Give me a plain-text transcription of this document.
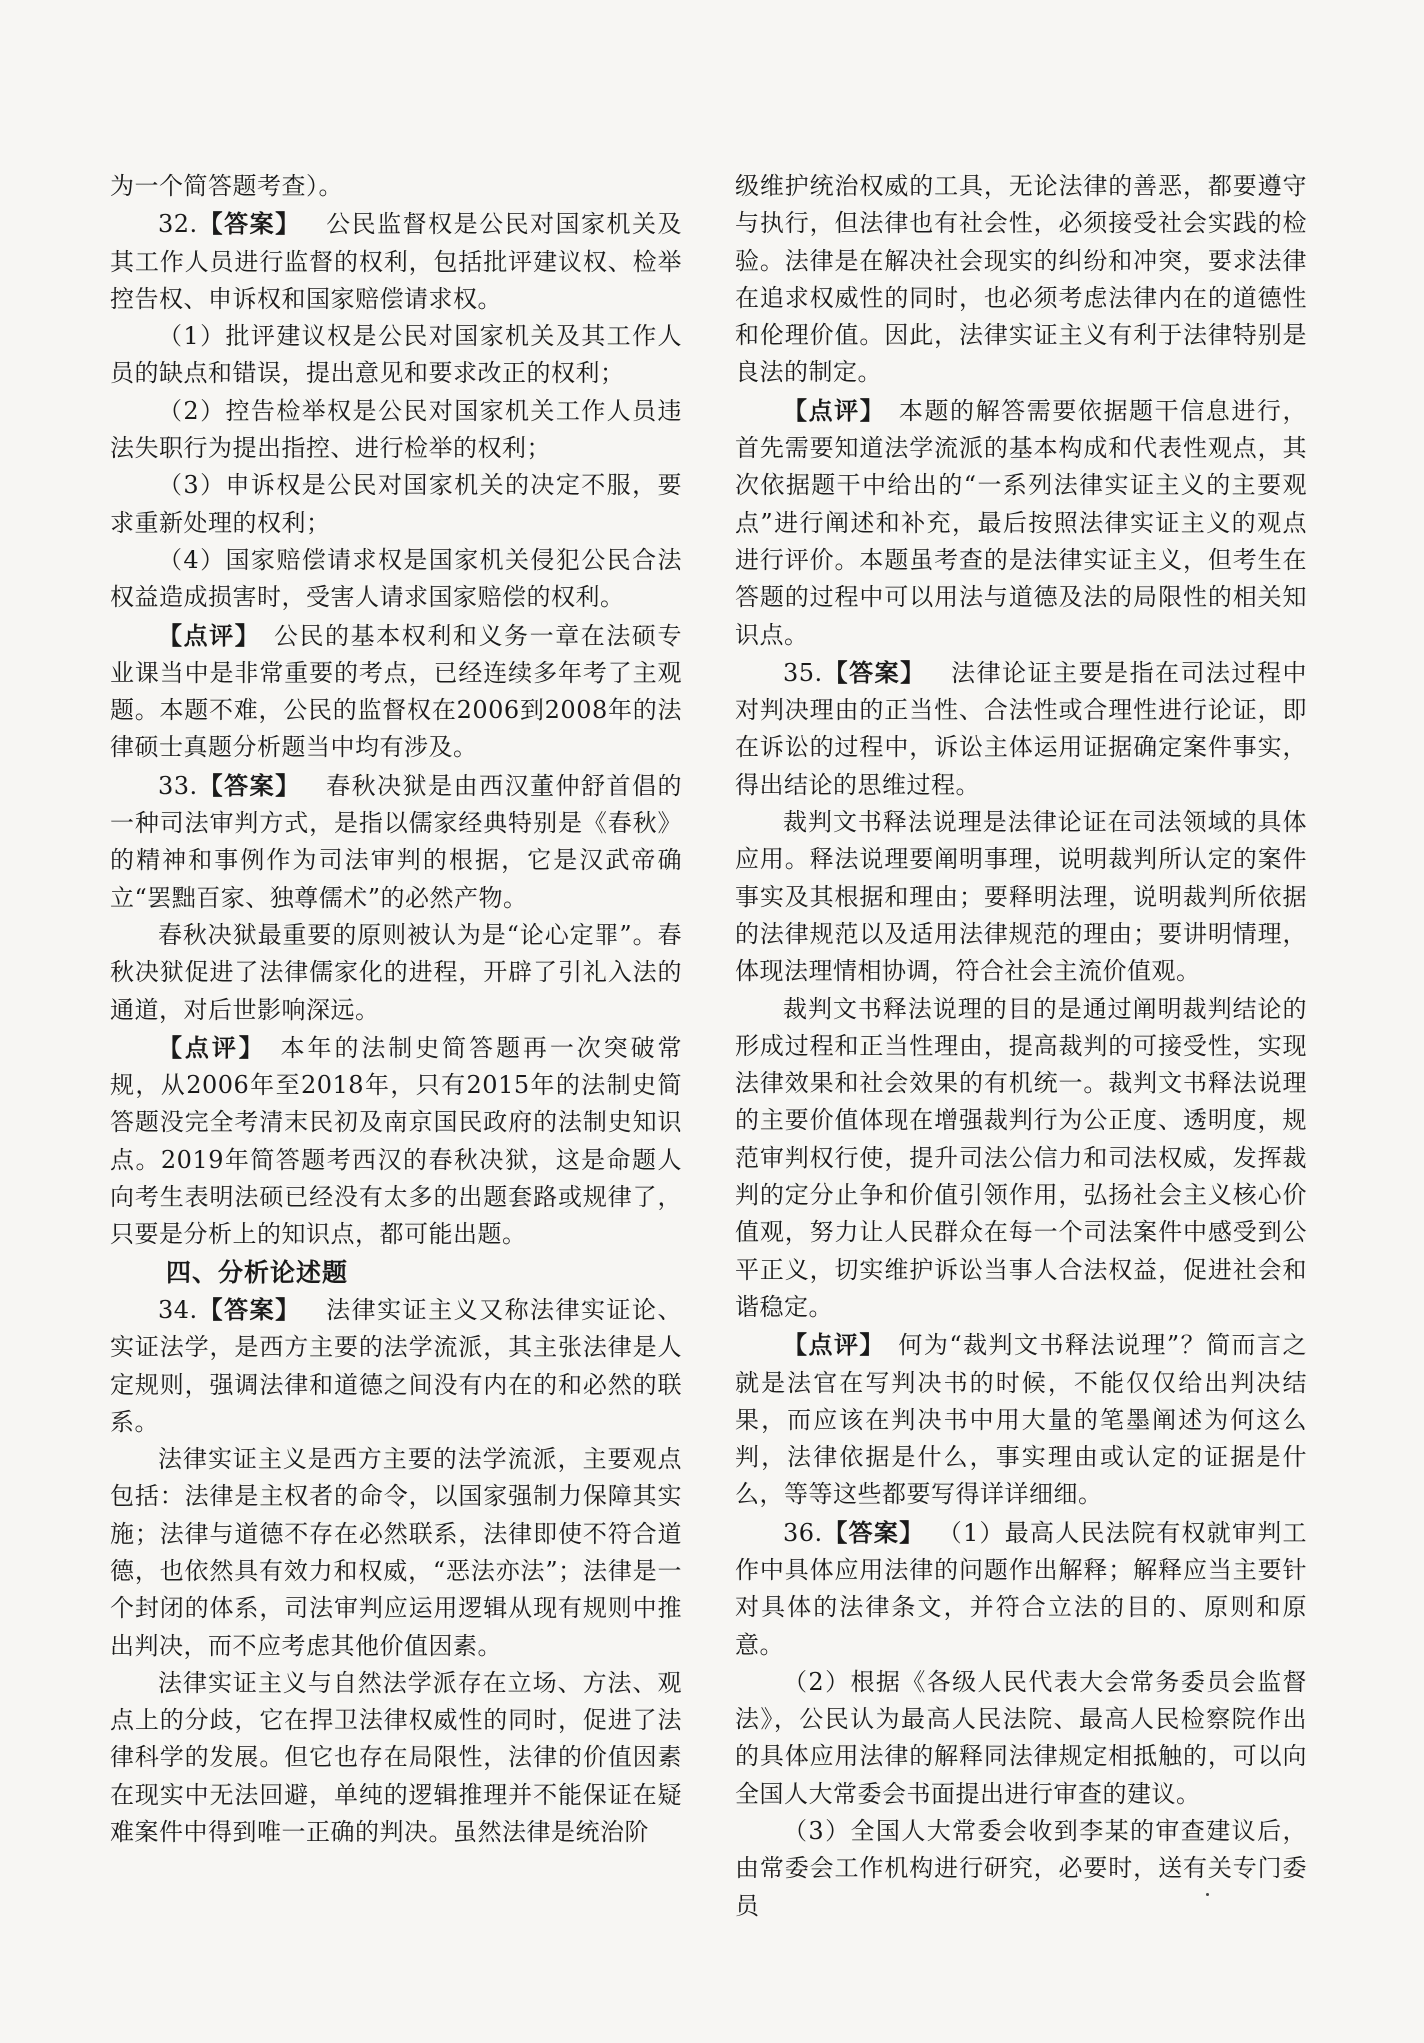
为一个简答题考查）。

32.【答案】  公民监督权是公民对国家机关及其工作人员进行监督的权利，包括批评建议权、检举控告权、申诉权和国家赔偿请求权。

（1）批评建议权是公民对国家机关及其工作人员的缺点和错误，提出意见和要求改正的权利；

（2）控告检举权是公民对国家机关工作人员违法失职行为提出指控、进行检举的权利；

（3）申诉权是公民对国家机关的决定不服，要求重新处理的权利；

（4）国家赔偿请求权是国家机关侵犯公民合法权益造成损害时，受害人请求国家赔偿的权利。

【点评】  公民的基本权利和义务一章在法硕专业课当中是非常重要的考点，已经连续多年考了主观题。本题不难，公民的监督权在2006到2008年的法律硕士真题分析题当中均有涉及。

33.【答案】  春秋决狱是由西汉董仲舒首倡的一种司法审判方式，是指以儒家经典特别是《春秋》的精神和事例作为司法审判的根据，它是汉武帝确立“罢黜百家、独尊儒术”的必然产物。

春秋决狱最重要的原则被认为是“论心定罪”。春秋决狱促进了法律儒家化的进程，开辟了引礼入法的通道，对后世影响深远。

【点评】  本年的法制史简答题再一次突破常规，从2006年至2018年，只有2015年的法制史简答题没完全考清末民初及南京国民政府的法制史知识点。2019年简答题考西汉的春秋决狱，这是命题人向考生表明法硕已经没有太多的出题套路或规律了，只要是分析上的知识点，都可能出题。

四、分析论述题

34.【答案】  法律实证主义又称法律实证论、实证法学，是西方主要的法学流派，其主张法律是人定规则，强调法律和道德之间没有内在的和必然的联系。

法律实证主义是西方主要的法学流派，主要观点包括：法律是主权者的命令，以国家强制力保障其实施；法律与道德不存在必然联系，法律即使不符合道德，也依然具有效力和权威，“恶法亦法”；法律是一个封闭的体系，司法审判应运用逻辑从现有规则中推出判决，而不应考虑其他价值因素。

法律实证主义与自然法学派存在立场、方法、观点上的分歧，它在捍卫法律权威性的同时，促进了法律科学的发展。但它也存在局限性，法律的价值因素在现实中无法回避，单纯的逻辑推理并不能保证在疑难案件中得到唯一正确的判决。虽然法律是统治阶

级维护统治权威的工具，无论法律的善恶，都要遵守与执行，但法律也有社会性，必须接受社会实践的检验。法律是在解决社会现实的纠纷和冲突，要求法律在追求权威性的同时，也必须考虑法律内在的道德性和伦理价值。因此，法律实证主义有利于法律特别是良法的制定。

【点评】  本题的解答需要依据题干信息进行，首先需要知道法学流派的基本构成和代表性观点，其次依据题干中给出的“一系列法律实证主义的主要观点”进行阐述和补充，最后按照法律实证主义的观点进行评价。本题虽考查的是法律实证主义，但考生在答题的过程中可以用法与道德及法的局限性的相关知识点。

35.【答案】  法律论证主要是指在司法过程中对判决理由的正当性、合法性或合理性进行论证，即在诉讼的过程中，诉讼主体运用证据确定案件事实，得出结论的思维过程。

裁判文书释法说理是法律论证在司法领域的具体应用。释法说理要阐明事理，说明裁判所认定的案件事实及其根据和理由；要释明法理，说明裁判所依据的法律规范以及适用法律规范的理由；要讲明情理，体现法理情相协调，符合社会主流价值观。

裁判文书释法说理的目的是通过阐明裁判结论的形成过程和正当性理由，提高裁判的可接受性，实现法律效果和社会效果的有机统一。裁判文书释法说理的主要价值体现在增强裁判行为公正度、透明度，规范审判权行使，提升司法公信力和司法权威，发挥裁判的定分止争和价值引领作用，弘扬社会主义核心价值观，努力让人民群众在每一个司法案件中感受到公平正义，切实维护诉讼当事人合法权益，促进社会和谐稳定。

【点评】  何为“裁判文书释法说理”？简而言之就是法官在写判决书的时候，不能仅仅给出判决结果，而应该在判决书中用大量的笔墨阐述为何这么判，法律依据是什么，事实理由或认定的证据是什么，等等这些都要写得详详细细。

36.【答案】  （1）最高人民法院有权就审判工作中具体应用法律的问题作出解释；解释应当主要针对具体的法律条文，并符合立法的目的、原则和原意。

（2）根据《各级人民代表大会常务委员会监督法》，公民认为最高人民法院、最高人民检察院作出的具体应用法律的解释同法律规定相抵触的，可以向全国人大常委会书面提出进行审查的建议。

（3）全国人大常委会收到李某的审查建议后，由常委会工作机构进行研究，必要时，送有关专门委员
